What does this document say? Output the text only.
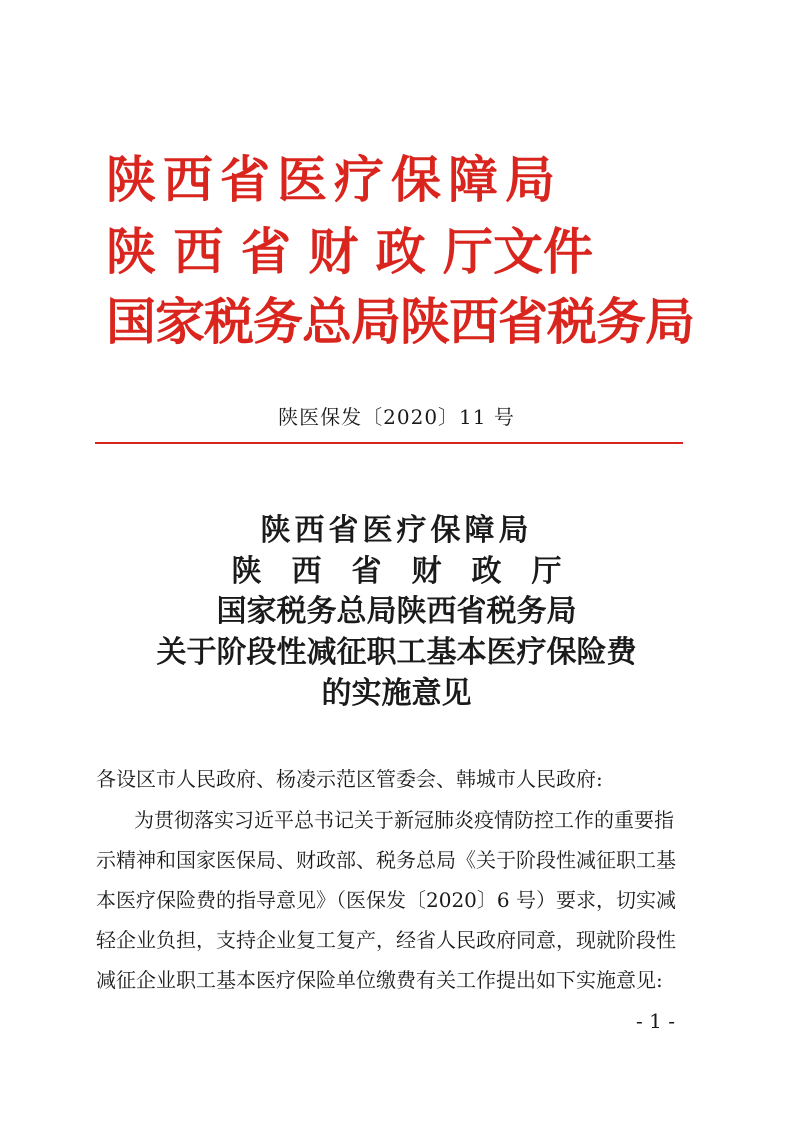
陕西省医疗保障局
陕 西 省 财 政 厅文件
国家税务总局陕西省税务局
陕医保发〔2020〕11 号
陕西省医疗保障局
陕　西　省　财　政　厅
国家税务总局陕西省税务局
关于阶段性减征职工基本医疗保险费
的实施意见
各设区市人民政府、杨凌示范区管委会、韩城市人民政府:
为贯彻落实习近平总书记关于新冠肺炎疫情防控工作的重要指
示精神和国家医保局、财政部、税务总局《关于阶段性减征职工基
本医疗保险费的指导意见》（医保发〔2020〕6 号）要求，切实减
轻企业负担，支持企业复工复产，经省人民政府同意，现就阶段性
减征企业职工基本医疗保险单位缴费有关工作提出如下实施意见:
- 1 -
